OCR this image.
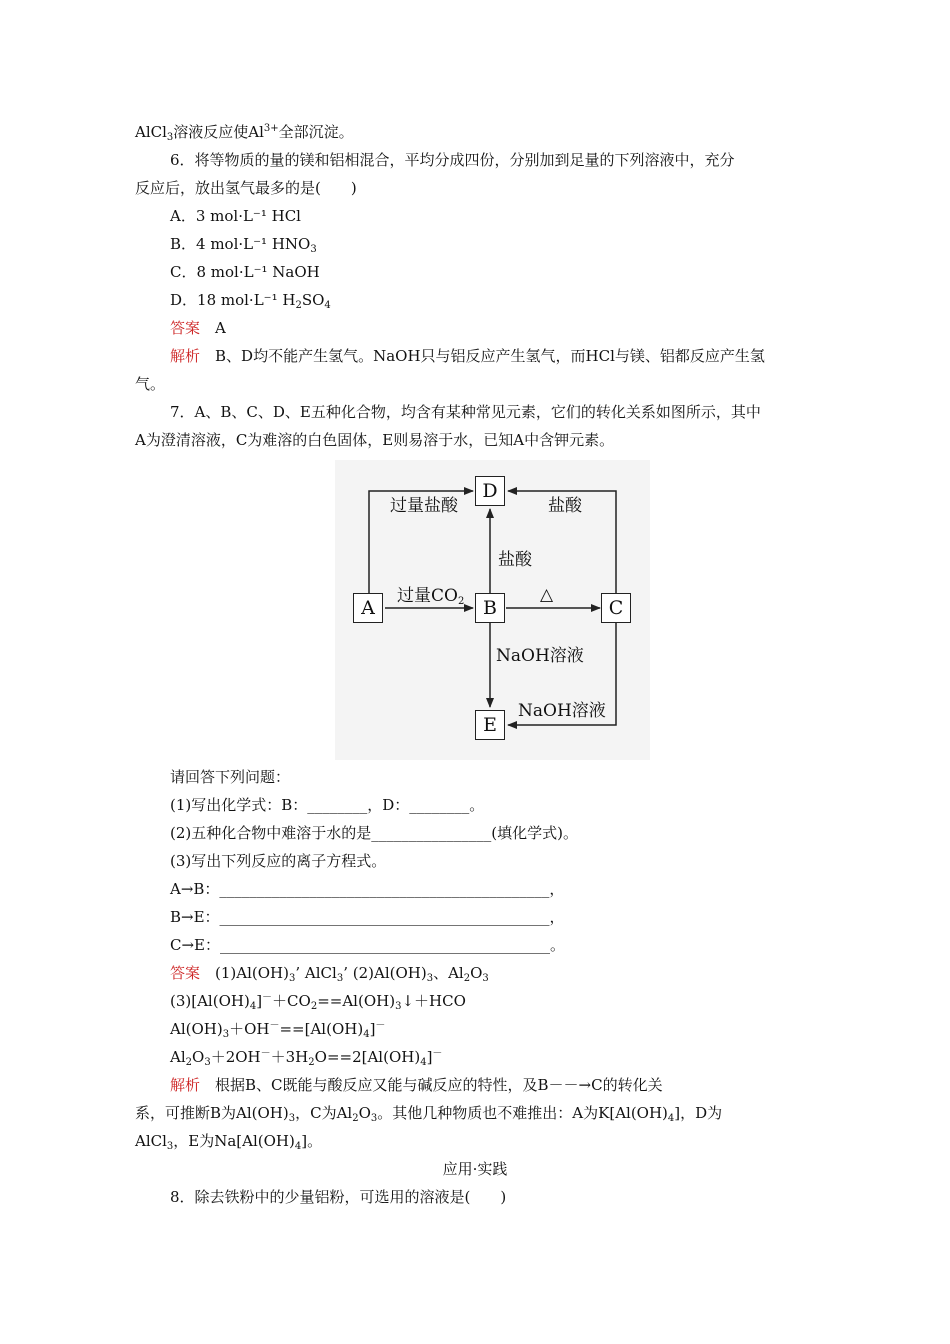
AlCl$_3$溶液反应使$Al^{3+}$全部沉淀。
6．将等物质的量的镁和铝相混合，平均分成四份，分别加到足量的下列溶液中，充分
反应后，放出氢气最多的是(　　)
A．3 mol·L⁻¹ HCl
B．4 mol·L⁻¹ $HNO_3$
C．8 mol·L⁻¹ NaOH
D．18 mol·L⁻¹ $H_2SO_4$
答案　 A
解析　 B、D均不能产生氢气。NaOH只与铝反应产生氢气，而HCl与镁、铝都反应产生氢
气。
7．A、B、C、D、E五种化合物，均含有某种常见元素，它们的转化关系如图所示，其中
A为澄清溶液，C为难溶的白色固体，E则易溶于水，已知A中含钾元素。
D
A	B	C
E
过量盐酸	盐酸
盐酸
过量$CO_2$	△
NaOH溶液
NaOH溶液
请回答下列问题：
(1)写出化学式：B：________，D：________。
(2)五种化合物中难溶于水的是________________(填化学式)。
(3)写出下列反应的离子方程式。
A→B：____________________________________________，
B→E：____________________________________________，
C→E：____________________________________________。
答案　 $(1)Al(OH)_3$’ AlCl$_3$’ $(2)Al(OH)_3$、$Al_2O_3$
$(3)[Al(OH)_4]^-+CO_2==Al(OH)_3↓+HCO$
$Al(OH)_3+OH^-==[Al(OH)_4]^-$
$Al_2O_3+2OH^-+3H_2O==2[Al(OH)_4]^-$
解析　 根据B、C既能与酸反应又能与碱反应的特性，及B－－→C的转化关
系，可推断B为$Al(OH)_3$，C为$Al_2O_3$。其他几种物质也不难推出：A为$K[Al(OH)_4]$，D为
AlCl$_3$，E为$Na[Al(OH)_4]$。
应用·实践
8．除去铁粉中的少量铝粉，可选用的溶液是(　　)
